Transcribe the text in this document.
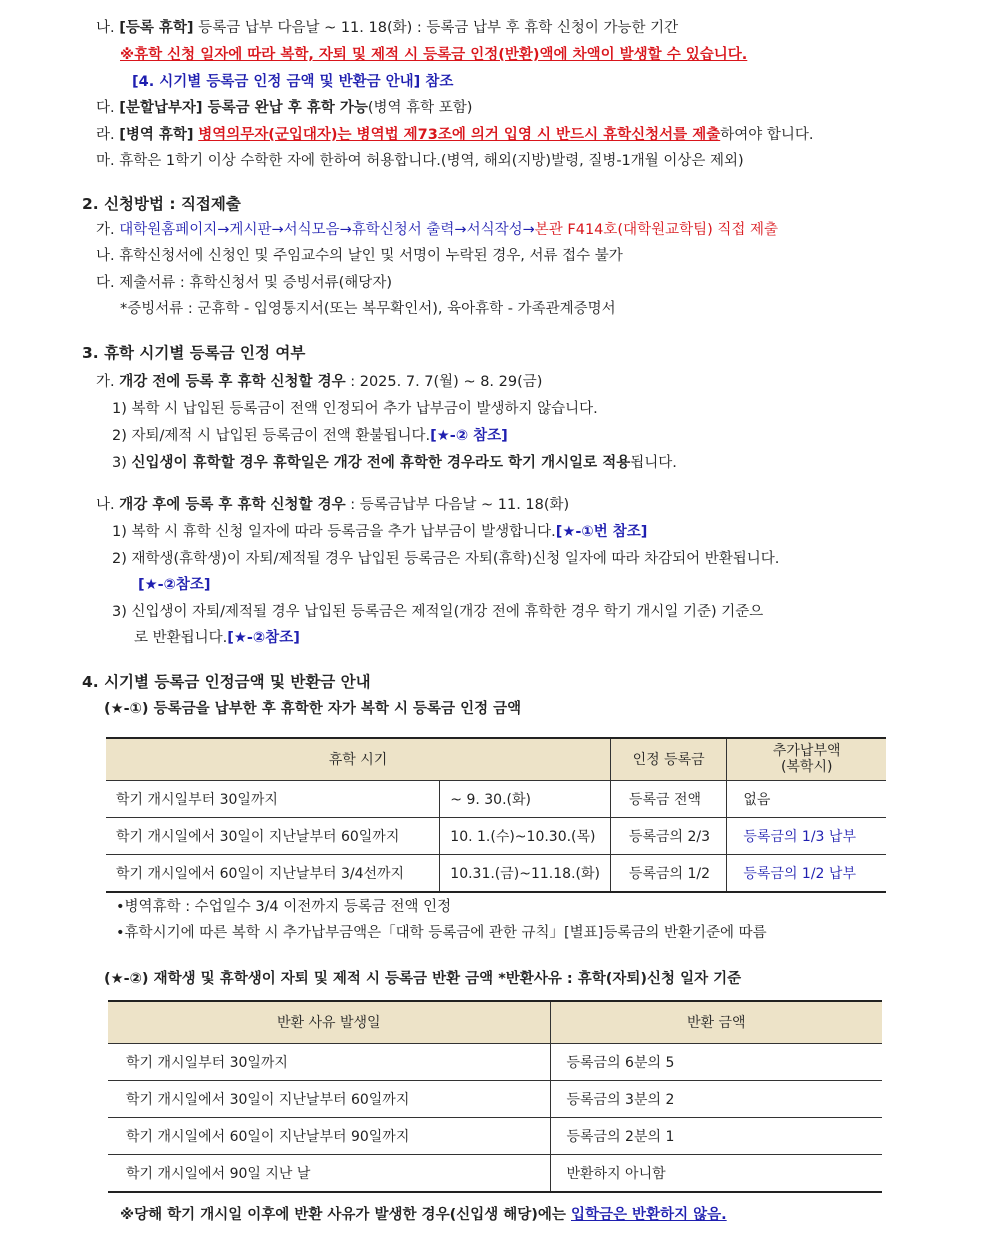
나. [등록 휴학] 등록금 납부 다음날 ~ 11. 18(화) : 등록금 납부 후 휴학 신청이 가능한 기간
※휴학 신청 일자에 따라 복학, 자퇴 및 제적 시 등록금 인정(반환)액에 차액이 발생할 수 있습니다.
[4. 시기별 등록금 인정 금액 및 반환금 안내] 참조
다. [분할납부자] 등록금 완납 후 휴학 가능(병역 휴학 포함)
라. [병역 휴학] 병역의무자(군입대자)는 병역법 제73조에 의거 입영 시 반드시 휴학신청서를 제출하여야 합니다.
마. 휴학은 1학기 이상 수학한 자에 한하여 허용합니다.(병역, 해외(지방)발령, 질병-1개월 이상은 제외)
2. 신청방법 : 직접제출
가. 대학원홈페이지→게시판→서식모음→휴학신청서 출력→서식작성→본관 F414호(대학원교학팀) 직접 제출
나. 휴학신청서에 신청인 및 주임교수의 날인 및 서명이 누락된 경우, 서류 접수 불가
다. 제출서류 : 휴학신청서 및 증빙서류(해당자)
*증빙서류 : 군휴학 - 입영통지서(또는 복무확인서), 육아휴학 - 가족관계증명서
3. 휴학 시기별 등록금 인정 여부
가. 개강 전에 등록 후 휴학 신청할 경우 : 2025. 7. 7(월) ~ 8. 29(금)
1) 복학 시 납입된 등록금이 전액 인정되어 추가 납부금이 발생하지 않습니다.
2) 자퇴/제적 시 납입된 등록금이 전액 환불됩니다.[★-② 참조]
3) 신입생이 휴학할 경우 휴학일은 개강 전에 휴학한 경우라도 학기 개시일로 적용됩니다.
나. 개강 후에 등록 후 휴학 신청할 경우 : 등록금납부 다음날 ~ 11. 18(화)
1) 복학 시 휴학 신청 일자에 따라 등록금을 추가 납부금이 발생합니다.[★-①번 참조]
2) 재학생(휴학생)이 자퇴/제적될 경우 납입된 등록금은 자퇴(휴학)신청 일자에 따라 차감되어 반환됩니다.
[★-②참조]
3) 신입생이 자퇴/제적될 경우 납입된 등록금은 제적일(개강 전에 휴학한 경우 학기 개시일 기준) 기준으
로 반환됩니다.[★-②참조]
4. 시기별 등록금 인정금액 및 반환금 안내
(★-①) 등록금을 납부한 후 휴학한 자가 복학 시 등록금 인정 금액
휴학 시기		인정 등록금	추가납부액
(복학시)
학기 개시일부터 30일까지	~ 9. 30.(화)	등록금 전액	없음
학기 개시일에서 30일이 지난날부터 60일까지	10. 1.(수)~10.30.(목)	등록금의 2/3	등록금의 1/3 납부
학기 개시일에서 60일이 지난날부터 3/4선까지	10.31.(금)~11.18.(화)	등록금의 1/2	등록금의 1/2 납부
•병역휴학 : 수업일수 3/4 이전까지 등록금 전액 인정
•휴학시기에 따른 복학 시 추가납부금액은「대학 등록금에 관한 규칙」[별표]등록금의 반환기준에 따름
(★-②) 재학생 및 휴학생이 자퇴 및 제적 시 등록금 반환 금액 *반환사유 : 휴학(자퇴)신청 일자 기준
반환 사유 발생일	반환 금액
학기 개시일부터 30일까지	등록금의 6분의 5
학기 개시일에서 30일이 지난날부터 60일까지	등록금의 3분의 2
학기 개시일에서 60일이 지난날부터 90일까지	등록금의 2분의 1
학기 개시일에서 90일 지난 날	반환하지 아니함
※당해 학기 개시일 이후에 반환 사유가 발생한 경우(신입생 해당)에는 입학금은 반환하지 않음.
